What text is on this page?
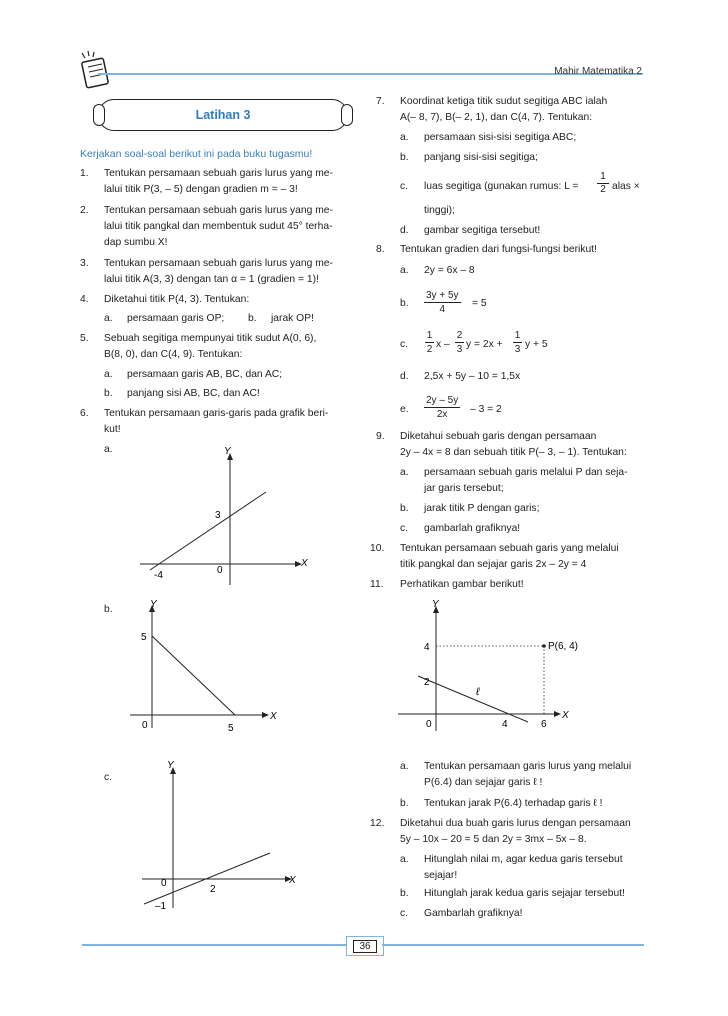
Mahir Matematika 2
Latihan 3
Kerjakan soal-soal berikut ini pada buku tugasmu!
1. Tentukan persamaan sebuah garis lurus yang me-
lalui titik P(3, – 5) dengan gradien m = – 3!
2. Tentukan persamaan sebuah garis lurus yang me-
lalui titik pangkal dan membentuk sudut 45° terha-
dap sumbu X!
3. Tentukan persamaan sebuah garis lurus yang me-
lalui titik A(3, 3) dengan tan α = 1 (gradien = 1)!
4. Diketahui titik P(4, 3). Tentukan:
a. persamaan garis OP; b. jarak OP!
5. Sebuah segitiga mempunyai titik sudut A(0, 6),
B(8, 0), dan C(4, 9). Tentukan:
a. persamaan garis AB, BC, dan AC;
b. panjang sisi AB, BC, dan AC!
6. Tentukan persamaan garis-garis pada grafik beri-
kut!
a.
b.
c.
X
Y
0
3
-4
X
Y
0
5
5
X
Y
0
2
–1
7. Koordinat ketiga titik sudut segitiga ABC ialah
A(– 8, 7), B(– 2, 1), dan C(4, 7). Tentukan:
a. persamaan sisi-sisi segitiga ABC;
b. panjang sisi-sisi segitiga;
c. luas segitiga (gunakan rumus: $L = \frac{1}{2}$ alas ×
tinggi);
d. gambar segitiga tersebut!
8. Tentukan gradien dari fungsi-fungsi berikut!
a. 2y = 6x – 8
b. $\frac{3y + 5y}{4} = 5$
c. $\frac{1}{2}$ x – $\frac{2}{3}$ $y = 2x + \frac{1}{3}$ y + 5
d. 2,5x + 5y – 10 = 1,5x
e. $\frac{2y - 5y}{2x} - 3 = 2$
9. Diketahui sebuah garis dengan persamaan
2y – 4x = 8 dan sebuah titik P(– 3, – 1). Tentukan:
a. persamaan sebuah garis melalui P dan seja-
jar garis tersebut;
b. jarak titik P dengan garis;
c. gambarlah grafiknya!
10. Tentukan persamaan sebuah garis yang melalui
titik pangkal dan sejajar garis 2x – 2y = 4
11. Perhatikan gambar berikut!
X
Y
0
4
2
4	6
P(6, 4)
ℓ
a. Tentukan persamaan garis lurus yang melalui
P(6.4) dan sejajar garis ℓ !
b. Tentukan jarak P(6.4) terhadap garis ℓ !
12. Diketahui dua buah garis lurus dengan persamaan
5y – 10x – 20 = 5 dan 2y = 3mx – 5x – 8.
a. Hitunglah nilai m, agar kedua garis tersebut
sejajar!
b. Hitunglah jarak kedua garis sejajar tersebut!
c. Gambarlah grafiknya!
36
